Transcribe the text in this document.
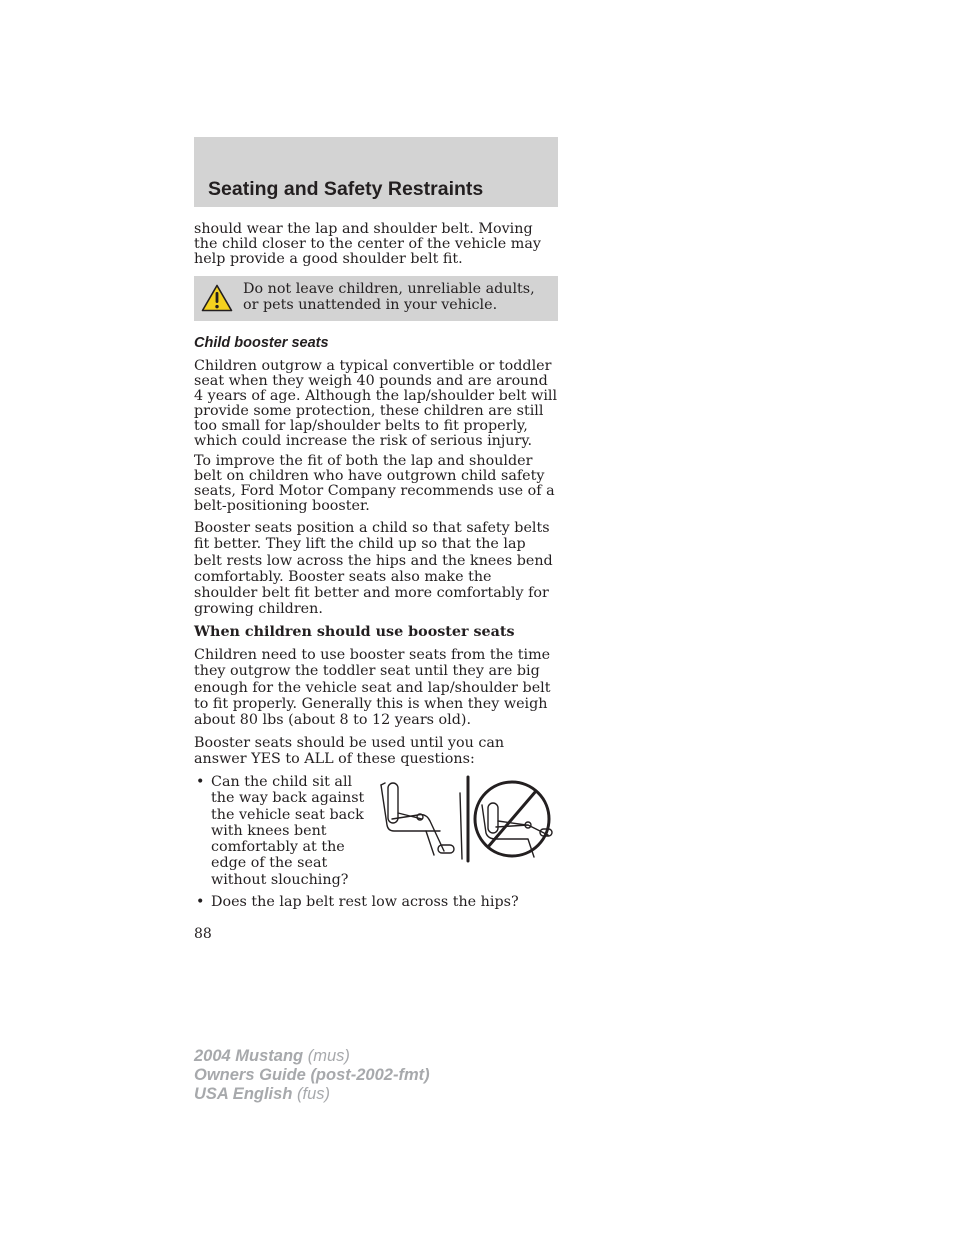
Seating and Safety Restraints

should wear the lap and shoulder belt. Moving the child closer to the center of the vehicle may help provide a good shoulder belt fit.

Do not leave children, unreliable adults, or pets unattended in your vehicle.

Child booster seats

Children outgrow a typical convertible or toddler seat when they weigh 40 pounds and are around 4 years of age. Although the lap/shoulder belt will provide some protection, these children are still too small for lap/shoulder belts to fit properly, which could increase the risk of serious injury.

To improve the fit of both the lap and shoulder belt on children who have outgrown child safety seats, Ford Motor Company recommends use of a belt-positioning booster.

Booster seats position a child so that safety belts fit better. They lift the child up so that the lap belt rests low across the hips and the knees bend comfortably. Booster seats also make the shoulder belt fit better and more comfortably for growing children.

When children should use booster seats

Children need to use booster seats from the time they outgrow the toddler seat until they are big enough for the vehicle seat and lap/shoulder belt to fit properly. Generally this is when they weigh about 80 lbs (about 8 to 12 years old).

Booster seats should be used until you can answer YES to ALL of these questions:

• Can the child sit all the way back against the vehicle seat back with knees bent comfortably at the edge of the seat without slouching?
• Does the lap belt rest low across the hips?
88
2004 Mustang (mus)
Owners Guide (post-2002-fmt)
USA English (fus)
